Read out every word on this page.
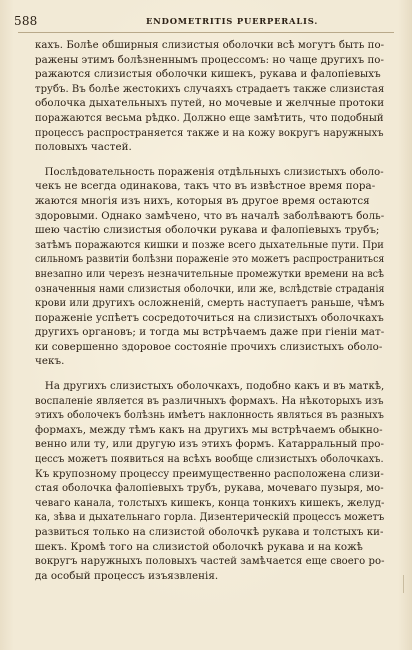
588	ENDOMETRITIS PUERPERALIS.
кахъ. Болѣе обширныя слизистыя оболочки всѣ могутъ быть по-
ражены этимъ болѣзненнымъ процессомъ: но чаще другихъ по-
ражаются слизистыя оболочки кишекъ, рукава и фалопіевыхъ
трубъ. Въ болѣе жестокихъ случаяхъ страдаетъ также слизистая
оболочка дыхательныхъ путей, но мочевые и желчные протоки
поражаются весьма рѣдко. Должно еще замѣтить, что подобный
процессъ распространяется также и на кожу вокругъ наружныхъ
половыхъ частей.
Послѣдовательность пораженія отдѣльныхъ слизистыхъ оболо-
чекъ не всегда одинакова, такъ что въ извѣстное время пора-
жаются многія изъ нихъ, которыя въ другое время остаются
здоровыми. Однако замѣчено, что въ началѣ заболѣваютъ боль-
шею частію слизистыя оболочки рукава и фалопіевыхъ трубъ;
затѣмъ поражаются кишки и позже всего дыхательные пути. При
сильномъ развитіи болѣзни пораженіе это можетъ распространиться
внезапно или черезъ незначительные промежутки времени на всѣ
означенныя нами слизистыя оболочки, или же, вслѣдствіе страданія
крови или другихъ осложненій, смерть наступаетъ раньше, чѣмъ
пораженіе успѣетъ сосредоточиться на слизистыхъ оболочкахъ
другихъ органовъ; и тогда мы встрѣчаемъ даже при гіеніи мат-
ки совершенно здоровое состояніе прочихъ слизистыхъ оболо-
чекъ.
На другихъ слизистыхъ оболочкахъ, подобно какъ и въ маткѣ,
воспаленіе является въ различныхъ формахъ. На нѣкоторыхъ изъ
этихъ оболочекъ болѣзнь имѣетъ наклонность являться въ разныхъ
формахъ, между тѣмъ какъ на другихъ мы встрѣчаемъ обыкно-
венно или ту, или другую изъ этихъ формъ. Катарральный про-
цессъ можетъ появиться на всѣхъ вообще слизистыхъ оболочкахъ.
Къ крупозному процессу преимущественно расположена слизи-
стая оболочка фалопіевыхъ трубъ, рукава, мочеваго пузыря, мо-
чеваго канала, толстыхъ кишекъ, конца тонкихъ кишекъ, желуд-
ка, зѣва и дыхательнаго горла. Дизентерическій процессъ можетъ
развиться только на слизистой оболочкѣ рукава и толстыхъ ки-
шекъ. Кромѣ того на слизистой оболочкѣ рукава и на кожѣ
вокругъ наружныхъ половыхъ частей замѣчается еще своего ро-
да особый процессъ изъязвленія.
